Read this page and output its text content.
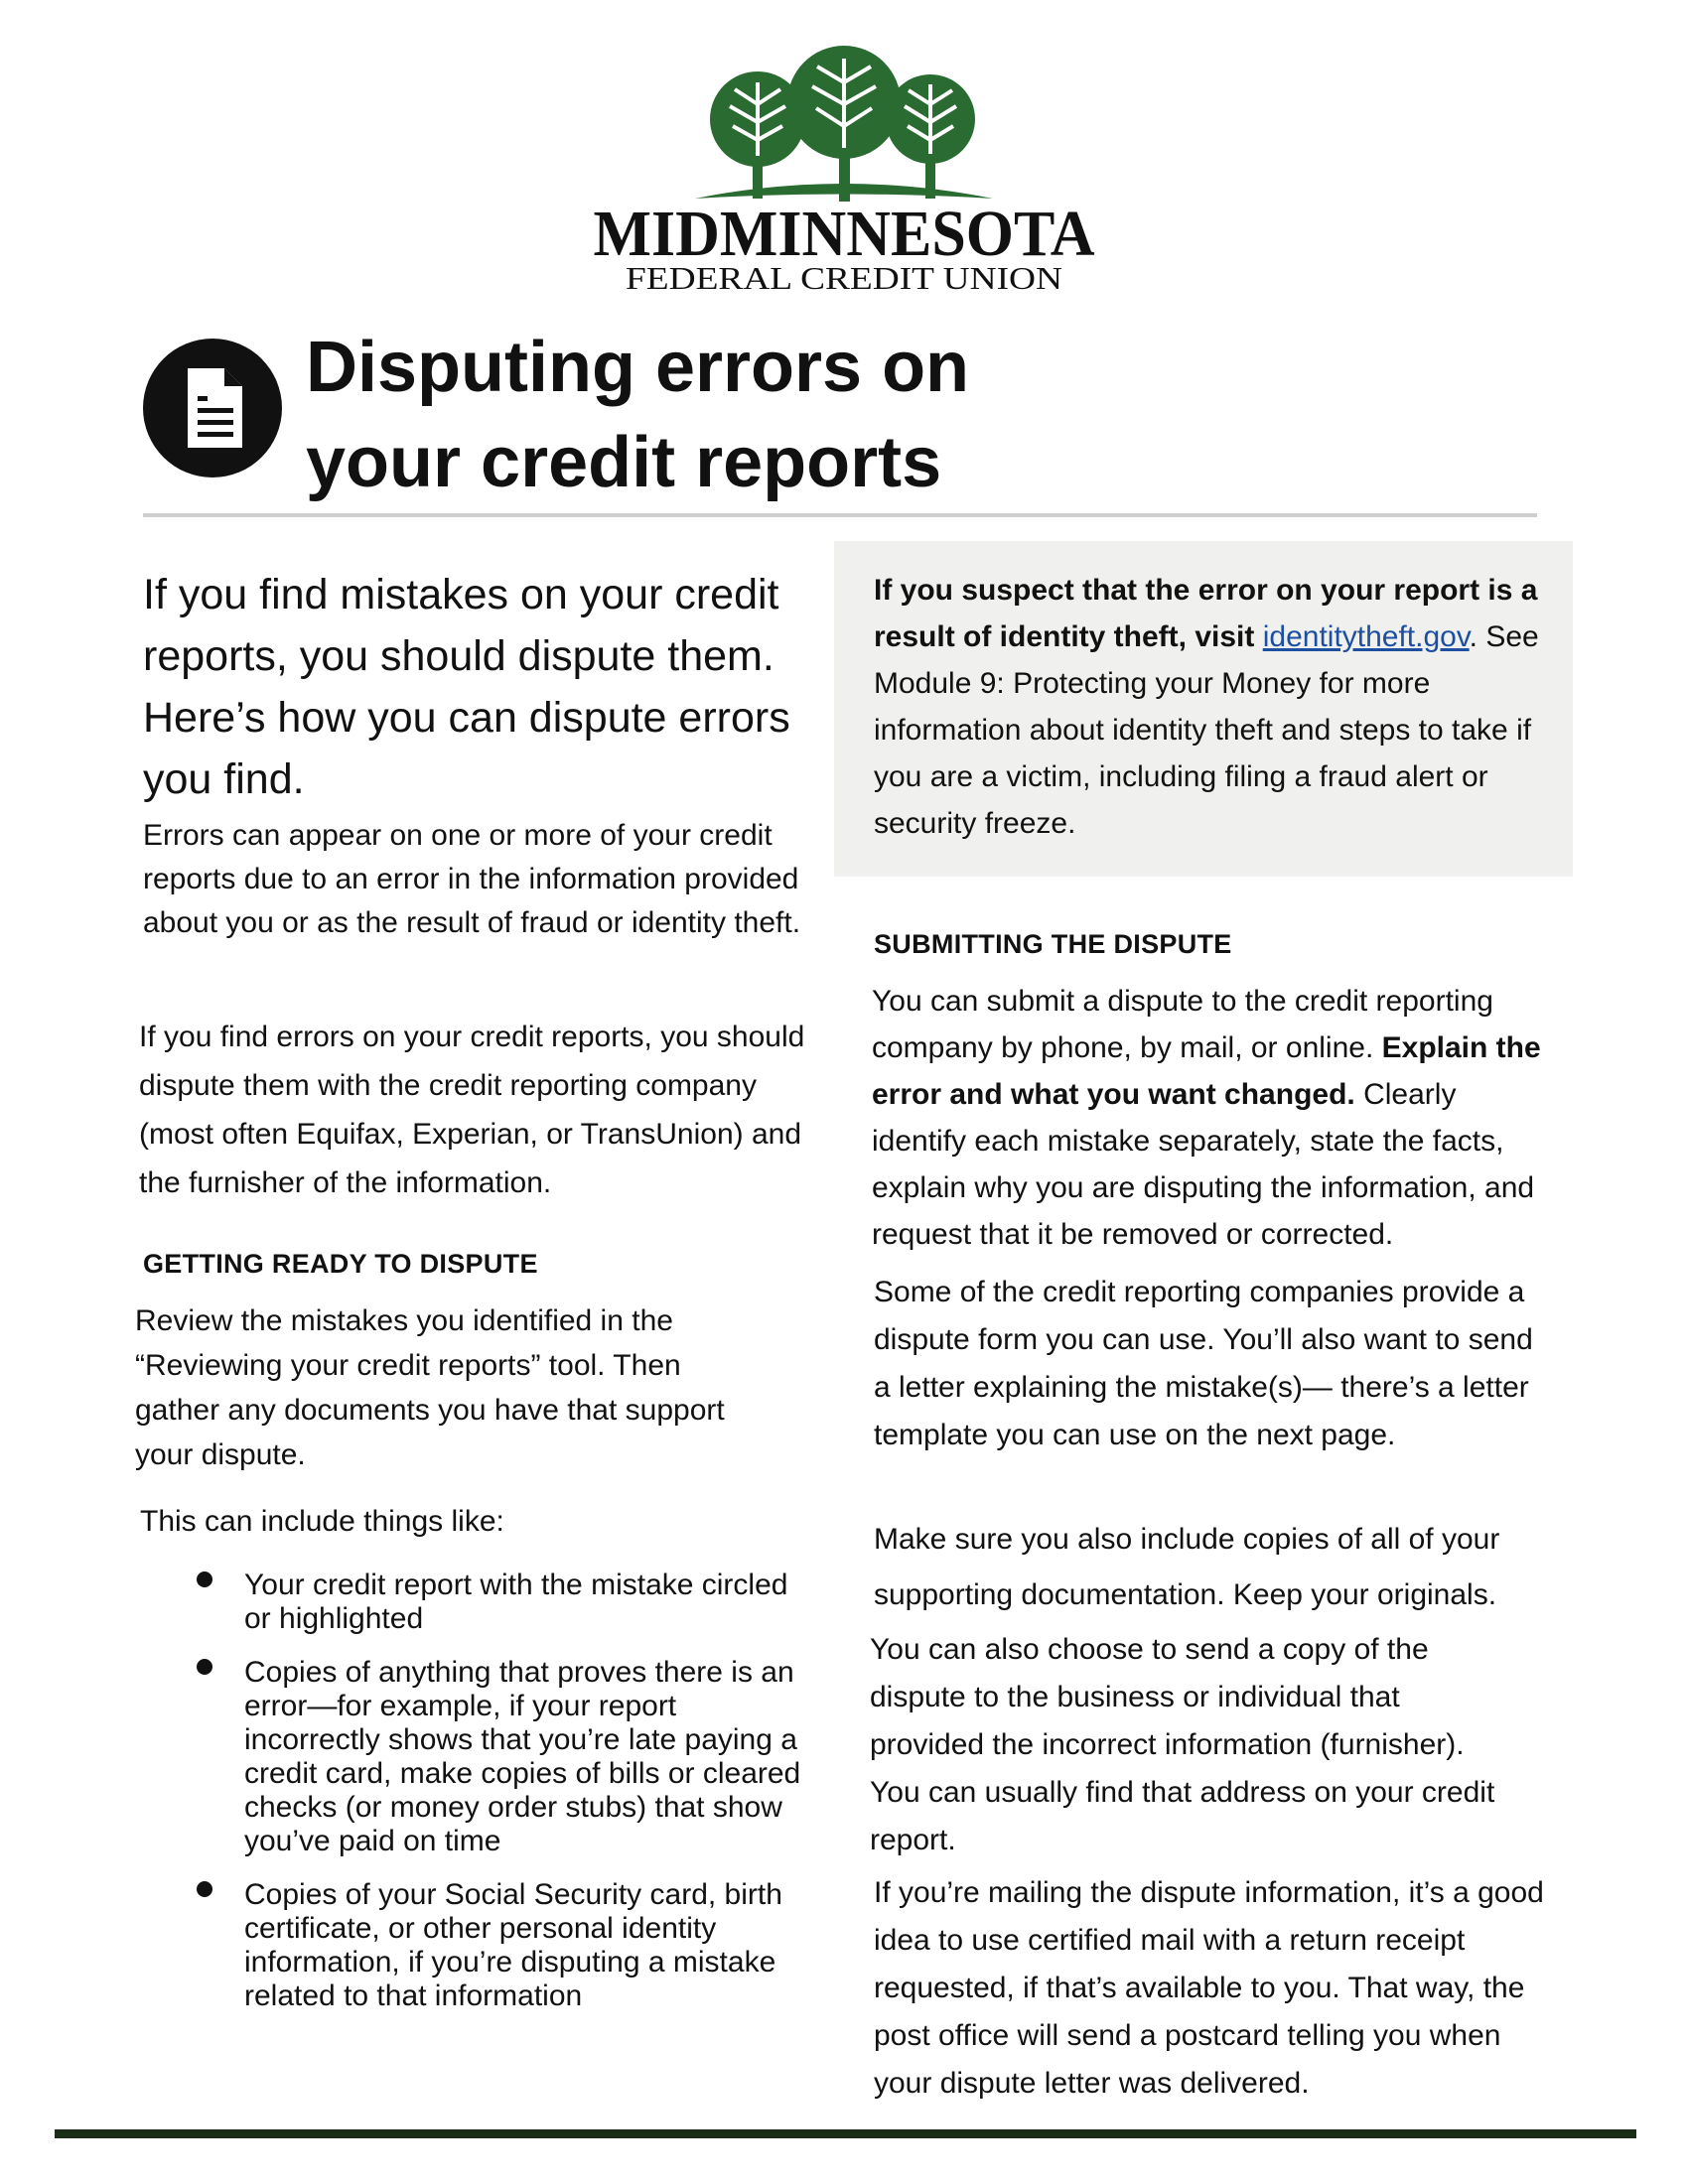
MIDMINNESOTA
FEDERAL CREDIT UNION
Disputing errors on
your credit reports
If you find mistakes on your credit reports, you should dispute them. Here’s how you can dispute errors you find.
Errors can appear on one or more of your credit reports due to an error in the information provided about you or as the result of fraud or identity theft.
If you find errors on your credit reports, you should dispute them with the credit reporting company (most often Equifax, Experian, or TransUnion) and the furnisher of the information.
GETTING READY TO DISPUTE
Review the mistakes you identified in the “Reviewing your credit reports” tool. Then gather any documents you have that support your dispute.
This can include things like:
Your credit report with the mistake circled or highlighted
Copies of anything that proves there is an error—for example, if your report incorrectly shows that you’re late paying a credit card, make copies of bills or cleared checks (or money order stubs) that show you’ve paid on time
Copies of your Social Security card, birth certificate, or other personal identity information, if you’re disputing a mistake related to that information
If you suspect that the error on your report is a result of identity theft, visit identitytheft.gov. See Module 9: Protecting your Money for more information about identity theft and steps to take if you are a victim, including filing a fraud alert or security freeze.
SUBMITTING THE DISPUTE
You can submit a dispute to the credit reporting company by phone, by mail, or online. Explain the error and what you want changed. Clearly identify each mistake separately, state the facts, explain why you are disputing the information, and request that it be removed or corrected.
Some of the credit reporting companies provide a dispute form you can use. You’ll also want to send a letter explaining the mistake(s)— there’s a letter template you can use on the next page.
Make sure you also include copies of all of your supporting documentation. Keep your originals.
You can also choose to send a copy of the dispute to the business or individual that provided the incorrect information (furnisher). You can usually find that address on your credit report.
If you’re mailing the dispute information, it’s a good idea to use certified mail with a return receipt requested, if that’s available to you. That way, the post office will send a postcard telling you when your dispute letter was delivered.
